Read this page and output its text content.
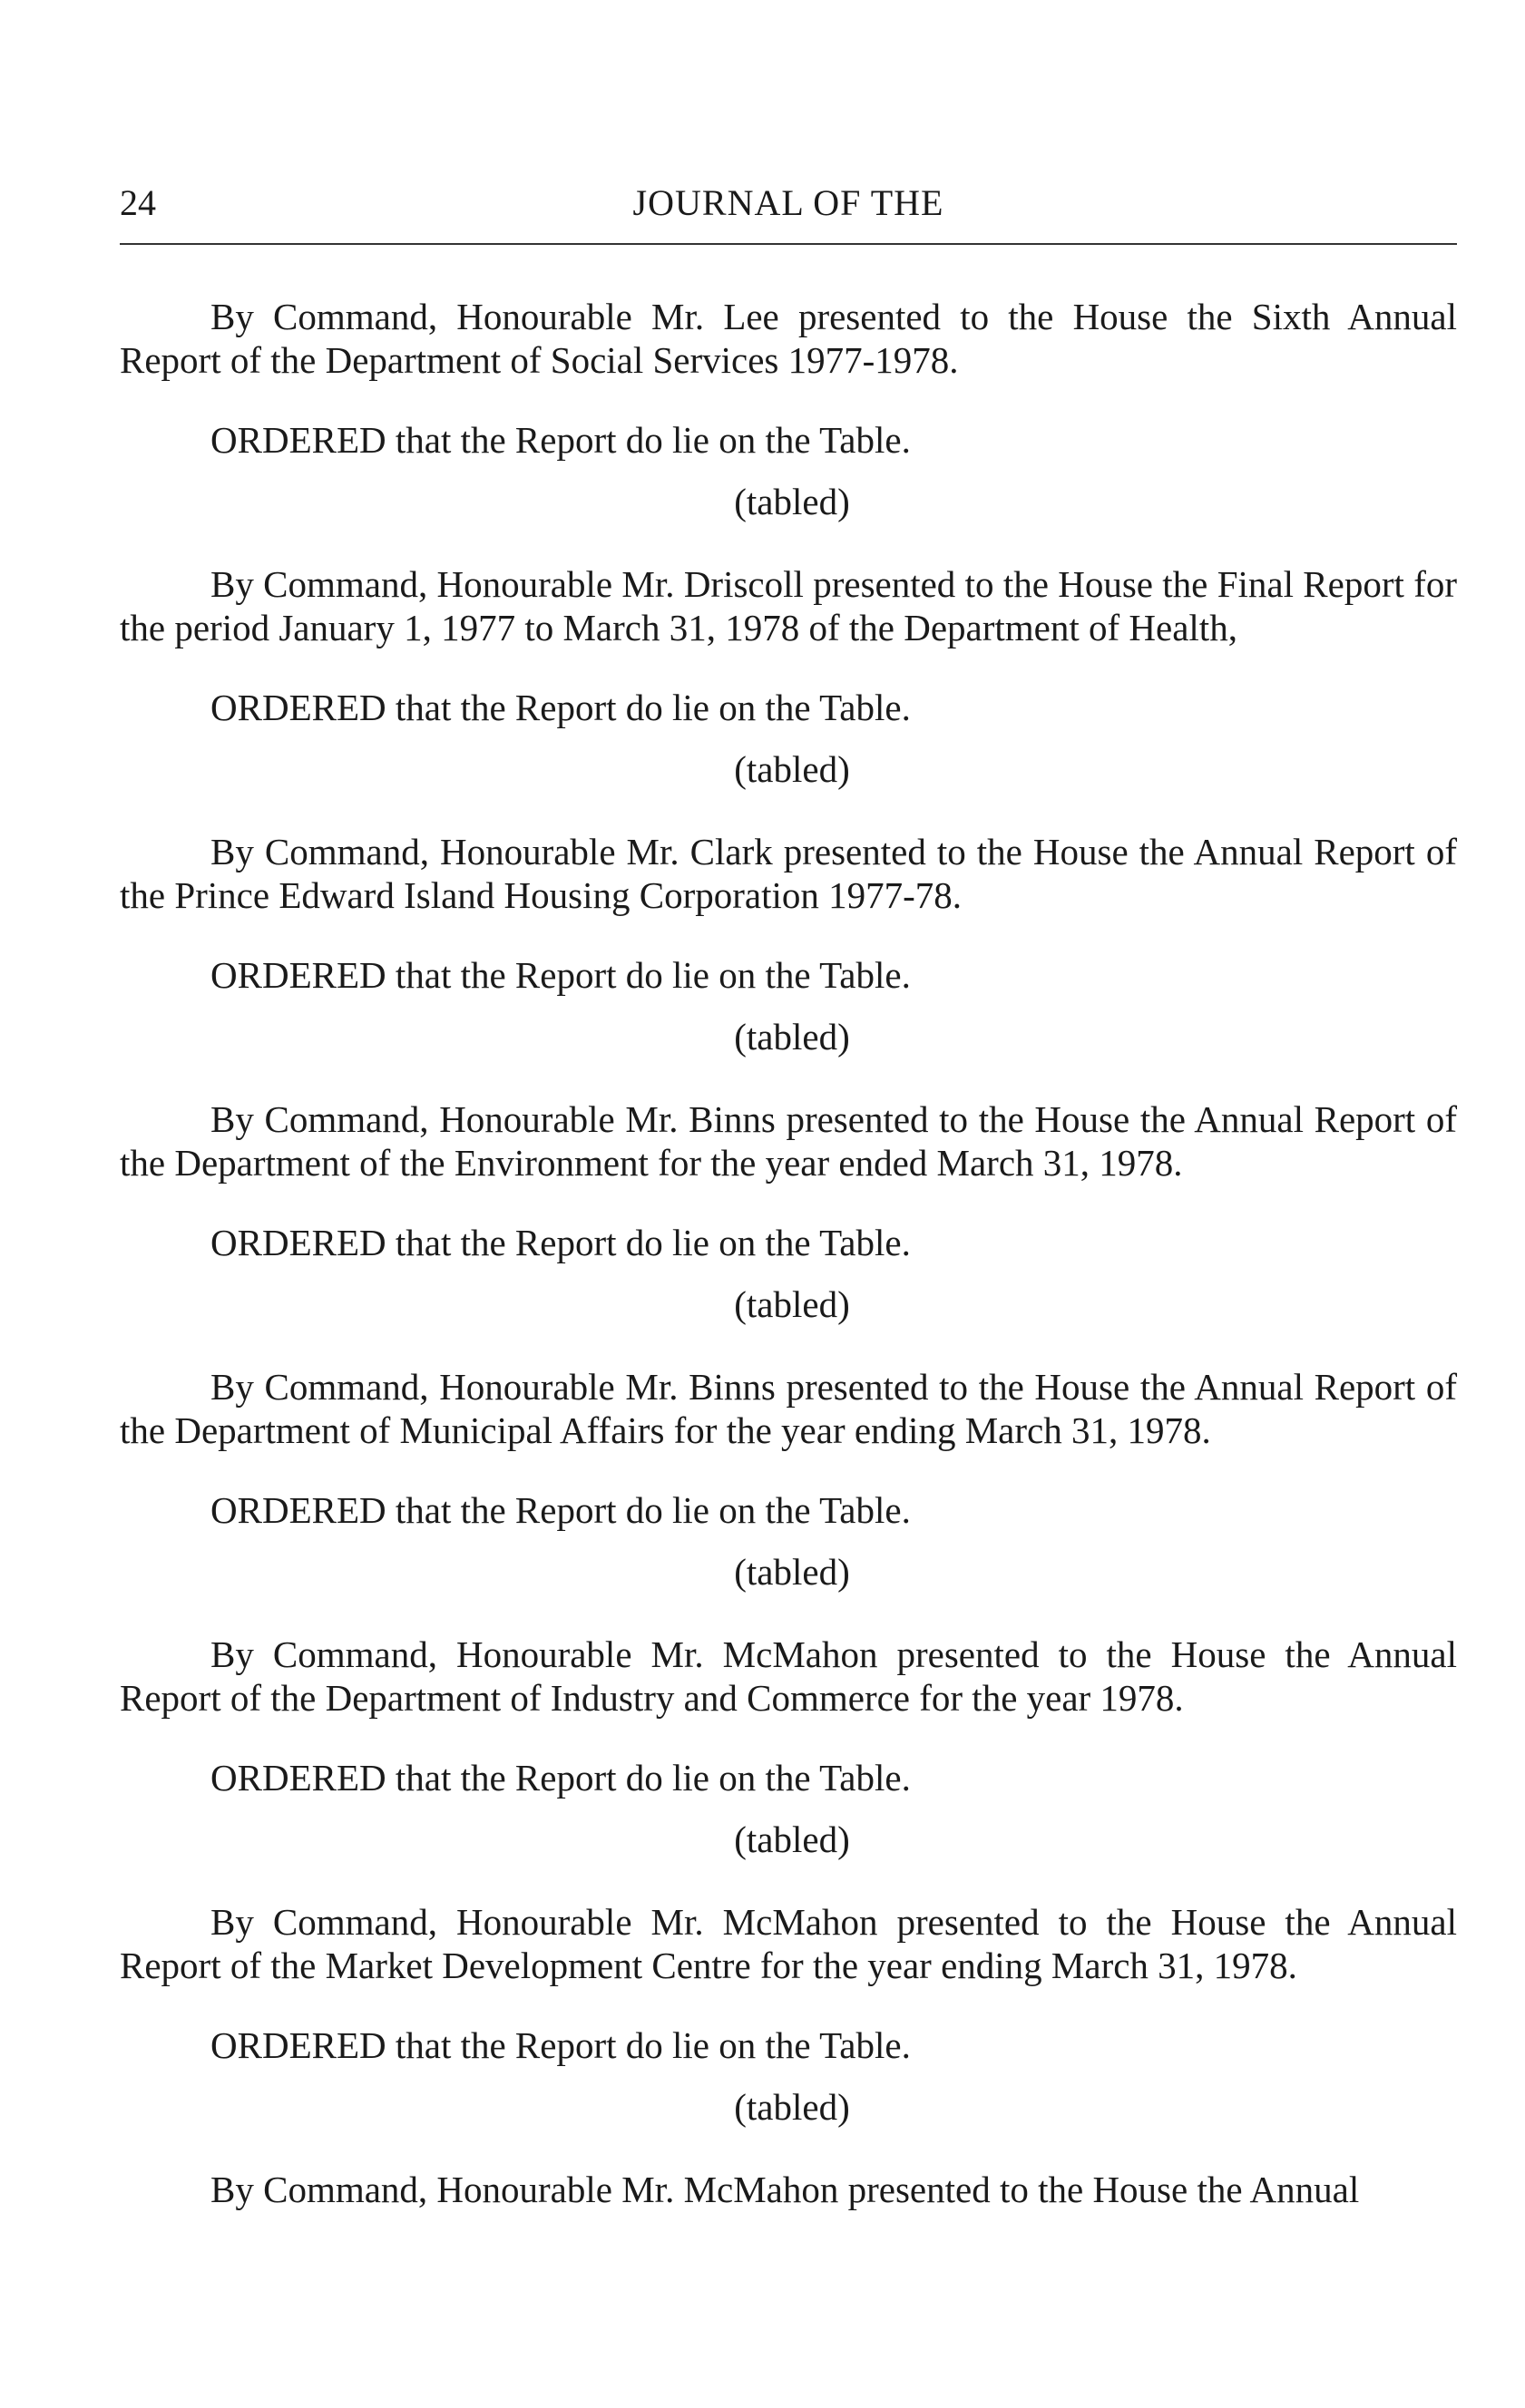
24	JOURNAL OF THE

By Command, Honourable Mr. Lee presented to the House the Sixth Annual Report of the Department of Social Services 1977-1978.

ORDERED that the Report do lie on the Table.

(tabled)

By Command, Honourable Mr. Driscoll presented to the House the Final Report for the period January 1, 1977 to March 31, 1978 of the Department of Health,

ORDERED that the Report do lie on the Table.

(tabled)

By Command, Honourable Mr. Clark presented to the House the Annual Report of the Prince Edward Island Housing Corporation 1977-78.

ORDERED that the Report do lie on the Table.

(tabled)

By Command, Honourable Mr. Binns presented to the House the Annual Report of the Department of the Environment for the year ended March 31, 1978.

ORDERED that the Report do lie on the Table.

(tabled)

By Command, Honourable Mr. Binns presented to the House the Annual Report of the Department of Municipal Affairs for the year ending March 31, 1978.

ORDERED that the Report do lie on the Table.

(tabled)

By Command, Honourable Mr. McMahon presented to the House the Annual Report of the Department of Industry and Commerce for the year 1978.

ORDERED that the Report do lie on the Table.

(tabled)

By Command, Honourable Mr. McMahon presented to the House the Annual Report of the Market Development Centre for the year ending March 31, 1978.

ORDERED that the Report do lie on the Table.

(tabled)

By Command, Honourable Mr. McMahon presented to the House the Annual
